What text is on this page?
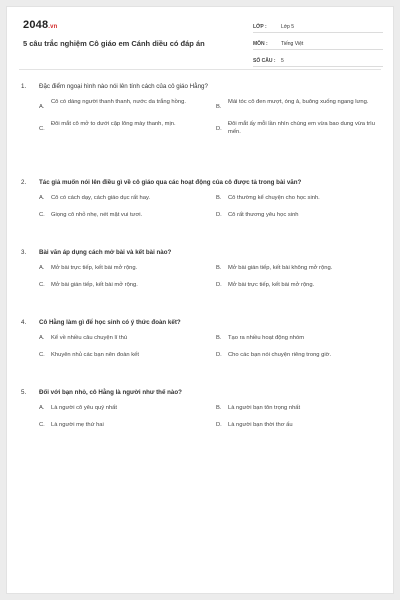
2048.vn
5 câu trắc nghiệm Cô giáo em Cánh diều có đáp án
LỚP :	Lớp 5
MÔN :	Tiếng Việt
SỐ CÂU :	5
1.	Đặc điểm ngoại hình nào nói lên tính cách của cô giáo Hằng?
A.
Cô có dáng người thanh thanh, nước da trắng hồng.
B.
Mái tóc cô đen mượt, óng ả, buông xuống ngang lưng.
C.
Đôi mắt cô mở to dưới cặp lông mày thanh, mịn.
D.
Đôi mắt ấy mỗi lần nhìn chúng em vừa bao dung vừa trìu mến.
2.	Tác giả muốn nói lên điều gì về cô giáo qua các hoạt động của cô được tả trong bài văn?
A.	Cô có cách dạy, cách giáo dục rất hay.	B.	Cô thường kể chuyện cho học sinh.
C.	Giọng cô nhỏ nhẹ, nét mặt vui tươi.	D.	Cô rất thương yêu học sinh
3.	Bài văn áp dụng cách mở bài và kết bài nào?
A.	Mở bài trực tiếp, kết bài mở rộng.	B.	Mở bài gián tiếp, kết bài không mở rộng.
C.	Mở bài gián tiếp, kết bài mở rộng.	D.	Mở bài trực tiếp, kết bài mở rộng.
4.	Cô Hằng làm gì để học sinh có ý thức đoàn kết?
A.	Kể về nhiều câu chuyện lí thú	B.	Tạo ra nhiều hoạt động nhóm
C.	Khuyên nhủ các bạn nên đoàn kết	D.	Cho các bạn nói chuyện riêng trong giờ.
5.	Đối với bạn nhỏ, cô Hằng là người như thế nào?
A.	Là người cô yêu quý nhất	B.	Là người bạn tôn trọng nhất
C.	Là người mẹ thứ hai	D.	Là người bạn thời thơ ấu
